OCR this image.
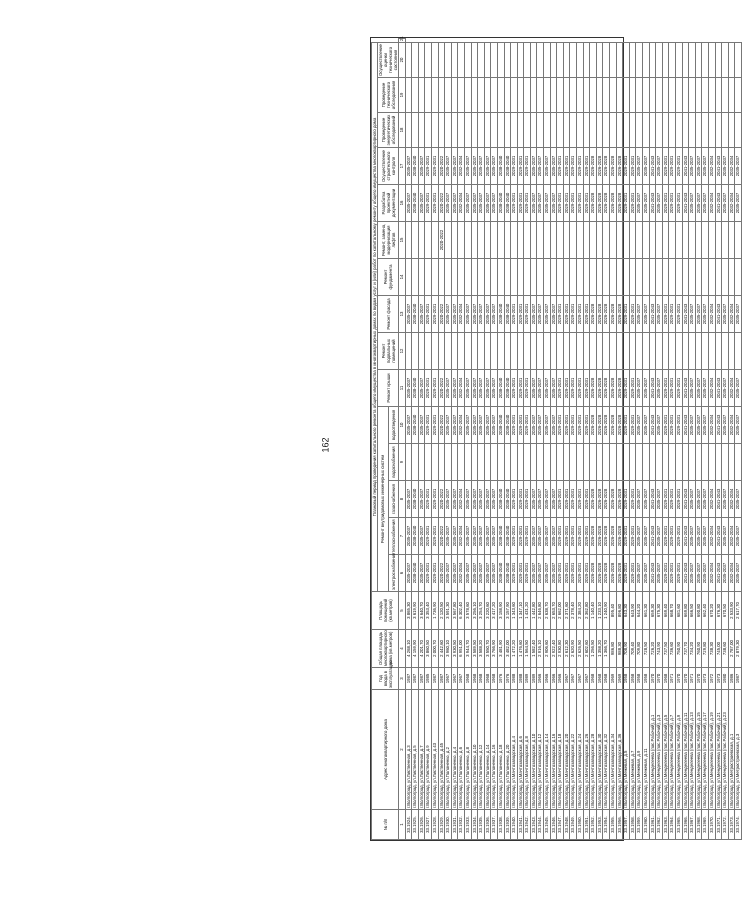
162
№ п/п	Адрес многоквартирного дома	Год ввода в эксплуатацию	Общая площадь многоквартирного дома (кв.метров)	Площадь помещений (кв.метров)	Плановый период проведения капитального ремонта общего имущества в многоквартирных домах по видам услуг и (или) работ по капитальному ремонту общего имущества многоквартирного дома															
					Ремонт внутридомовых инженерных систем					Ремонт крыши	Ремонт подвальных помещений	Ремонт фасада	Ремонт фундамента	Ремонт, замена, модернизация лифтов	Разработка проектной документации	Осуществление строительного контроля	Проведение энергетических обследований	Проведение технического обследования	Осуществление оценки технического состояния	
					электроснабжения	теплоснабжения	газоснабжения	водоснабжения	водоотведения											
1	2	3	4	5	6	7	8	9	10	11	12	13	14	15	16	17	18	19	20	21
33.1924.	г.Волгоград, ул.Лиственная, д.3	1987	4 268,10	3 865,30	2035-2037	2035-2037	2035-2037		2035-2037	2035-2037		2035-2037			2035-2037	2035-2037				
33.1925.	г.Волгоград, ул.Лиственная, д.5	1987	4 159,90	3 619,90	2038-2040	2038-2040	2038-2040		2038-2040	2038-2040		2038-2040			2038-2040	2038-2040				
33.1926.	г.Волгоград, ул.Лиственная, д.7	1987	4 201,70	3 640,70	2035-2037	2035-2037	2035-2037		2035-2037	2035-2037		2035-2037			2035-2037	2035-2037				
33.1927.	г.Волгоград, ул.Лиственная, д.9	1985	3 860,50	3 353,40	2029-2031	2029-2031	2029-2031		2029-2031	2029-2031		2029-2031			2029-2031	2029-2031				
33.1928.	г.Волгоград, ул.Лиственная, д.43	1987	2 000,70	1 736,90	2029-2031	2029-2031	2029-2031		2029-2031	2029-2031		2029-2031			2029-2031	2029-2031				
33.1929.	г.Волгоград, ул.Лиственная, д.45	1987	2 442,60	2 120,50	2020-2022	2020-2022	2020-2022		2020-2022	2020-2022		2020-2022		2020-2022	2020-2022	2020-2022				
33.1930.	г.Волгоград, ул.Полоненко, д.2	1967	3 960,10	3 591,30	2035-2037	2035-2037	2035-2037		2035-2037	2035-2037		2035-2037			2035-2037	2035-2037				
33.1931.	г.Волгоград, ул.Полоненко, д.4	1967	3 930,50	3 567,80	2035-2037	2035-2037	2035-2037		2035-2037	2035-2037		2035-2037			2035-2037	2035-2037				
33.1932.	г.Волгоград, ул.Полоненко, д.6	1967	6 951,00	6 302,40	2032-2034	2032-2034	2032-2034		2032-2034	2032-2034		2032-2034			2032-2034	2032-2034				
33.1933.	г.Волгоград, ул.Полоненко, д.8	1968	3 944,70	3 578,60	2035-2037	2035-2037	2035-2037		2035-2037	2035-2037		2035-2037			2035-2037	2035-2037				
33.1934.	г.Волгоград, ул.Полоненко, д.10	1968	3 589,50	3 256,10	2035-2037	2035-2037	2035-2037		2035-2037	2035-2037		2035-2037			2035-2037	2035-2037				
33.1935.	г.Волгоград, ул.Полоненко, д.12	1968	3 588,20	3 254,70	2035-2037	2035-2037	2035-2037		2035-2037	2035-2037		2035-2037			2035-2037	2035-2037				
33.1936.	г.Волгоград, ул.Полоненко, д.14	1968	3 550,70	3 220,60	2035-2037	2035-2037	2035-2037		2035-2037	2035-2037		2035-2037			2035-2037	2035-2037				
33.1937.	г.Волгоград, ул.Полоненко, д.16	1968	3 766,90	3 417,20	2035-2037	2035-2037	2035-2037		2035-2037	2035-2037		2035-2037			2035-2037	2035-2037				
33.1938.	г.Волгоград, ул.Полоненко, д.18	1976	3 481,90	3 158,90	2038-2040	2038-2040	2038-2040		2038-2040	2038-2040		2038-2040			2038-2040	2038-2040				
33.1939.	г.Волгоград, ул.Полоненко, д.20	1976	3 482,00	3 157,90	2038-2040	2038-2040	2038-2040		2038-2040	2038-2040		2038-2040			2038-2040	2038-2040				
33.1940.	г.Волгоград, ул.Мачтозаводская, д.4	1988	1 472,20	1 343,60	2029-2031	2029-2031	2029-2031		2029-2031	2029-2031		2029-2031			2029-2031	2029-2031				
33.1941.	г.Волгоград, ул.Мачтозаводская, д.6	1988	1 476,60	1 347,10	2029-2031	2029-2031	2029-2031		2029-2031	2029-2031		2029-2031			2029-2031	2029-2031				
33.1942.	г.Волгоград, ул.Мачтозаводская, д.8	1989	1 564,50	1 431,20	2029-2031	2029-2031	2029-2031		2029-2031	2029-2031		2029-2031			2029-2031	2029-2031				
33.1943.	г.Волгоград, ул.Мачтозаводская, д.10	1989	1 582,40	1 442,80	2035-2037	2035-2037	2035-2037		2035-2037	2035-2037		2035-2037			2035-2037	2035-2037				
33.1944.	г.Волгоград, ул.Мачтозаводская, д.12	1966	2 916,10	2 646,80	2035-2037	2035-2037	2035-2037		2035-2037	2035-2037		2035-2037			2035-2037	2035-2037				
33.1945.	г.Волгоград, ул.Мачтозаводская, д.14	1966	2 906,60	2 638,70	2035-2037	2035-2037	2035-2037		2035-2037	2035-2037		2035-2037			2035-2037	2035-2037				
33.1946.	г.Волгоград, ул.Мачтозаводская, д.16	1966	2 922,40	2 653,70	2035-2037	2035-2037	2035-2037		2035-2037	2035-2037		2035-2037			2035-2037	2035-2037				
33.1947.	г.Волгоград, ул.Мачтозаводская, д.18	1966	2 930,80	2 662,00	2029-2031	2029-2031	2029-2031		2029-2031	2029-2031		2029-2031			2029-2031	2029-2031				
33.1948.	г.Волгоград, ул.Мачтозаводская, д.20	1967	2 612,30	2 371,60	2029-2031	2029-2031	2029-2031		2029-2031	2029-2031		2029-2031			2029-2031	2029-2031				
33.1949.	г.Волгоград, ул.Мачтозаводская, д.22	1967	2 620,90	2 378,40	2029-2031	2029-2031	2029-2031		2029-2031	2029-2031		2029-2031			2029-2031	2029-2031				
33.1950.	г.Волгоград, ул.Мачтозаводская, д.24	1967	2 626,50	2 384,20	2029-2031	2029-2031	2029-2031		2029-2031	2029-2031		2029-2031			2029-2031	2029-2031				
33.1951.	г.Волгоград, ул.Мачтозаводская, д.26	1967	2 602,60	2 362,80	2029-2031	2029-2031	2029-2031		2029-2031	2029-2031		2029-2031			2029-2031	2029-2031				
33.1952.	г.Волгоград, ул.Мачтозаводская, д.28	1968	1 256,50	1 140,40	2026-2028	2026-2028	2026-2028		2026-2028	2026-2028		2026-2028			2026-2028	2026-2028				
33.1953.	г.Волгоград, ул.Мачтозаводская, д.30	1968	1 358,20	1 233,10	2026-2028	2026-2028	2026-2028		2026-2028	2026-2028		2026-2028			2026-2028	2026-2028				
33.1954.	г.Волгоград, ул.Мачтозаводская, д.32	1968	1 366,70	1 240,90	2026-2028	2026-2028	2026-2028		2026-2028	2026-2028		2026-2028			2026-2028	2026-2028				
33.1955.	г.Волгоград, ул.Мачтозаводская, д.34	1969	986,80	895,40	2026-2028	2026-2028	2026-2028		2026-2028	2026-2028		2026-2028			2026-2028	2026-2028				
33.1956.	г.Волгоград, ул.Мачтозаводская, д.36	1969	988,30	896,80	2026-2028	2026-2028	2026-2028		2026-2028	2026-2028		2026-2028			2026-2028	2026-2028				
33.1957.	г.Волгоград, ул.Межевая, д.5	1958	708,90	643,30	2029-2031	2029-2031	2029-2031		2029-2031	2029-2031		2029-2031			2029-2031	2029-2031				
33.1958.	г.Волгоград, ул.Межевая, д.7	1958	709,40	643,90	2029-2031	2029-2031	2029-2031		2029-2031	2029-2031		2029-2031			2029-2031	2029-2031				
33.1959.	г.Волгоград, ул.Межевая, д.9	1958	709,80	644,20	2035-2037	2035-2037	2035-2037		2035-2037	2035-2037		2035-2037			2035-2037	2035-2037				
33.1960.	г.Волгоград, ул.Межевая, д.11	1958	728,50	661,30	2035-2037	2035-2037	2035-2037		2035-2037	2035-2037		2035-2037			2035-2037	2035-2037				
33.1961.	г.Волгоград, ул.Менделеева (пос.Рабочий), д.1	1970	726,20	659,30	2041-2043	2041-2043	2041-2043		2041-2043	2041-2043		2041-2043			2041-2043	2041-2043				
33.1962.	г.Волгоград, ул.Менделеева (пос.Рабочий), д.3	1970	743,90	675,30	2035-2037	2035-2037	2035-2037		2035-2037	2035-2037		2035-2037			2035-2037	2035-2037				
33.1963.	г.Волгоград, ул.Менделеева (пос.Рабочий), д.5	1968	737,50	669,40	2029-2031	2029-2031	2029-2031		2029-2031	2029-2031		2029-2031			2029-2031	2029-2031				
33.1964.	г.Волгоград, ул.Менделеева (пос.Рабочий), д.7	1971	736,60	668,70	2029-2031	2029-2031	2029-2031		2029-2031	2029-2031		2029-2031			2029-2031	2029-2031				
33.1965.	г.Волгоград, ул.Менделеева (пос.Рабочий), д.9	1970	750,90	681,60	2029-2031	2029-2031	2029-2031		2029-2031	2029-2031		2029-2031			2029-2031	2029-2031				
33.1966.	г.Волгоград, ул.Менделеева (пос.Рабочий), д.11	1970	737,70	669,80	2041-2043	2041-2043	2041-2043		2041-2043	2041-2043		2041-2043			2041-2043	2041-2043				
33.1967.	г.Волгоград, ул.Менделеева (пос.Рабочий), д.13	1971	734,20	666,50	2035-2037	2035-2037	2035-2037		2035-2037	2035-2037		2035-2037			2035-2037	2035-2037				
33.1968.	г.Волгоград, ул.Менделеева (пос.Рабочий), д.15	1970	760,90	690,80	2035-2037	2035-2037	2035-2037		2035-2037	2035-2037		2035-2037			2035-2037	2035-2037				
33.1969.	г.Волгоград, ул.Менделеева (пос.Рабочий), д.17	1973	729,80	662,40	2035-2037	2035-2037	2035-2037		2035-2037	2035-2037		2035-2037			2035-2037	2035-2037				
33.1970.	г.Волгоград, ул.Менделеева (пос.Рабочий), д.19	1972	738,30	670,20	2032-2034	2032-2034	2032-2034		2032-2034	2032-2034		2032-2034			2032-2034	2032-2034				
33.1971.	г.Волгоград, ул.Менделеева (пос.Рабочий), д.21	1973	745,00	676,30	2041-2043	2041-2043	2041-2043		2041-2043	2041-2043		2041-2043			2041-2043	2041-2043				
33.1972.	г.Волгоград, ул.Менделеева (пос.Рабочий), д.23	1980	738,60	670,50	2035-2037	2035-2037	2035-2037		2035-2037	2035-2037		2035-2037			2035-2037	2035-2037				
33.1973.	г.Волгоград, ул.Метростроевская, д.1	1986	2 787,00	2 533,90	2032-2034	2032-2034	2032-2034		2032-2034	2032-2034		2032-2034			2032-2034	2032-2034				
33.1974.	г.Волгоград, ул.Метростроевская, д.3	1987	2 879,30	2 617,70	2035-2037	2035-2037	2035-2037		2035-2037	2035-2037		2035-2037			2035-2037	2035-2037				
